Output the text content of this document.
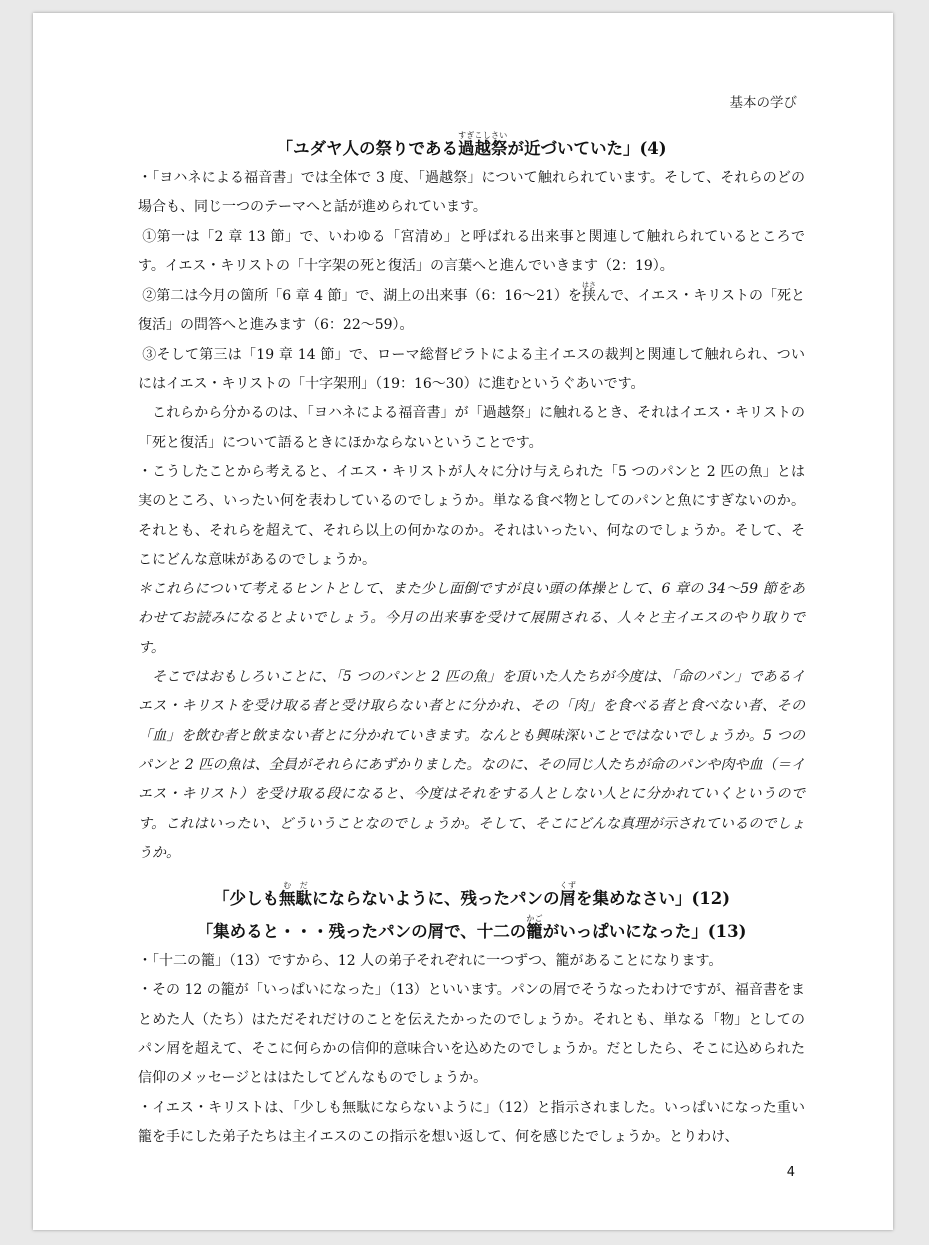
基本の学び
「ユダヤ人の祭りである過越祭すぎこしさいが近づいていた」(4)

・「ヨハネによる福音書」では全体で 3 度、「過越祭」について触れられています。そして、それらのどの場合も、同じ一つのテーマへと話が進められています。

①第一は「2 章 13 節」で、いわゆる「宮清め」と呼ばれる出来事と関連して触れられているところです。イエス・キリストの「十字架の死と復活」の言葉へと進んでいきます（2：19）。

②第二は今月の箇所「6 章 4 節」で、湖上の出来事（6：16〜21）を挟はさんで、イエス・キリストの「死と復活」の問答へと進みます（6：22〜59）。

③そして第三は「19 章 14 節」で、ローマ総督ピラトによる主イエスの裁判と関連して触れられ、ついにはイエス・キリストの「十字架刑」（19：16〜30）に進むというぐあいです。

これらから分かるのは、「ヨハネによる福音書」が「過越祭」に触れるとき、それはイエス・キリストの「死と復活」について語るときにほかならないということです。

・こうしたことから考えると、イエス・キリストが人々に分け与えられた「5 つのパンと 2 匹の魚」とは実のところ、いったい何を表わしているのでしょうか。単なる食べ物としてのパンと魚にすぎないのか。それとも、それらを超えて、それら以上の何かなのか。それはいったい、何なのでしょうか。そして、そこにどんな意味があるのでしょうか。

＊これらについて考えるヒントとして、また少し面倒ですが良い頭の体操として、6 章の 34〜59 節をあわせてお読みになるとよいでしょう。今月の出来事を受けて展開される、人々と主イエスのやり取りです。

そこではおもしろいことに、「5 つのパンと 2 匹の魚」を頂いた人たちが今度は、「命のパン」であるイエス・キリストを受け取る者と受け取らない者とに分かれ、その「肉」を食べる者と食べない者、その「血」を飲む者と飲まない者とに分かれていきます。なんとも興味深いことではないでしょうか。5 つのパンと 2 匹の魚は、全員がそれらにあずかりました。なのに、その同じ人たちが命のパンや肉や血（＝イエス・キリスト）を受け取る段になると、今度はそれをする人としない人とに分かれていくというのです。これはいったい、どういうことなのでしょうか。そして、そこにどんな真理が示されているのでしょうか。

「少しも無駄むだにならないように、残ったパンの屑くずを集めなさい」(12)
「集めると・・・残ったパンの屑で、十二の籠かごがいっぱいになった」(13)

・「十二の籠」（13）ですから、12 人の弟子それぞれに一つずつ、籠があることになります。

・その 12 の籠が「いっぱいになった」（13）といいます。パンの屑でそうなったわけですが、福音書をまとめた人（たち）はただそれだけのことを伝えたかったのでしょうか。それとも、単なる「物」としてのパン屑を超えて、そこに何らかの信仰的意味合いを込めたのでしょうか。だとしたら、そこに込められた信仰のメッセージとははたしてどんなものでしょうか。

・イエス・キリストは、「少しも無駄にならないように」（12）と指示されました。いっぱいになった重い籠を手にした弟子たちは主イエスのこの指示を想い返して、何を感じたでしょうか。とりわけ、

4
